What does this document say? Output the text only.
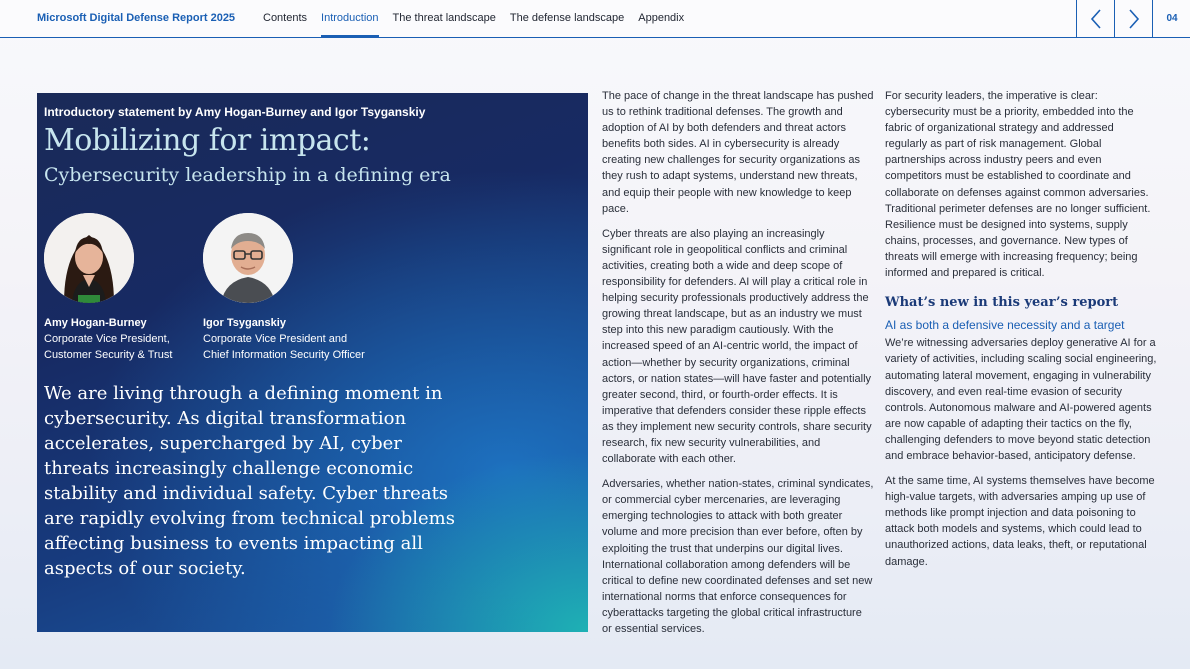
Microsoft Digital Defense Report 2025	Contents Introduction The threat landscape The defense landscape Appendix	04
Introductory statement by Amy Hogan-Burney and Igor Tsyganskiy
Mobilizing for impact:
Cybersecurity leadership in a defining era
Amy Hogan-Burney
Corporate Vice President,
Customer Security & Trust
Igor Tsyganskiy
Corporate Vice President and
Chief Information Security Officer
We are living through a defining moment in cybersecurity. As digital transformation accelerates, supercharged by AI, cyber threats increasingly challenge economic stability and individual safety. Cyber threats are rapidly evolving from technical problems affecting business to events impacting all aspects of our society.

The pace of change in the threat landscape has pushed us to rethink traditional defenses. The growth and adoption of AI by both defenders and threat actors benefits both sides. AI in cybersecurity is already creating new challenges for security organizations as they rush to adapt systems, understand new threats, and equip their people with new knowledge to keep pace.

Cyber threats are also playing an increasingly significant role in geopolitical conflicts and criminal activities, creating both a wide and deep scope of responsibility for defenders. AI will play a critical role in helping security professionals productively address the growing threat landscape, but as an industry we must step into this new paradigm cautiously. With the increased speed of an AI-centric world, the impact of action—whether by security organizations, criminal actors, or nation states—will have faster and potentially greater second, third, or fourth-order effects. It is imperative that defenders consider these ripple effects as they implement new security controls, share security research, fix new security vulnerabilities, and collaborate with each other.

Adversaries, whether nation-states, criminal syndicates, or commercial cyber mercenaries, are leveraging emerging technologies to attack with both greater volume and more precision than ever before, often by exploiting the trust that underpins our digital lives. International collaboration among defenders will be critical to define new coordinated defenses and set new international norms that enforce consequences for cyberattacks targeting the global critical infrastructure or essential services.

For security leaders, the imperative is clear: cybersecurity must be a priority, embedded into the fabric of organizational strategy and addressed regularly as part of risk management. Global partnerships across industry peers and even competitors must be established to coordinate and collaborate on defenses against common adversaries. Traditional perimeter defenses are no longer sufficient. Resilience must be designed into systems, supply chains, processes, and governance. New types of threats will emerge with increasing frequency; being informed and prepared is critical.

What’s new in this year’s report
AI as both a defensive necessity and a target

We’re witnessing adversaries deploy generative AI for a variety of activities, including scaling social engineering, automating lateral movement, engaging in vulnerability discovery, and even real-time evasion of security controls. Autonomous malware and AI-powered agents are now capable of adapting their tactics on the fly, challenging defenders to move beyond static detection and embrace behavior-based, anticipatory defense.

At the same time, AI systems themselves have become high-value targets, with adversaries amping up use of methods like prompt injection and data poisoning to attack both models and systems, which could lead to unauthorized actions, data leaks, theft, or reputational damage.
